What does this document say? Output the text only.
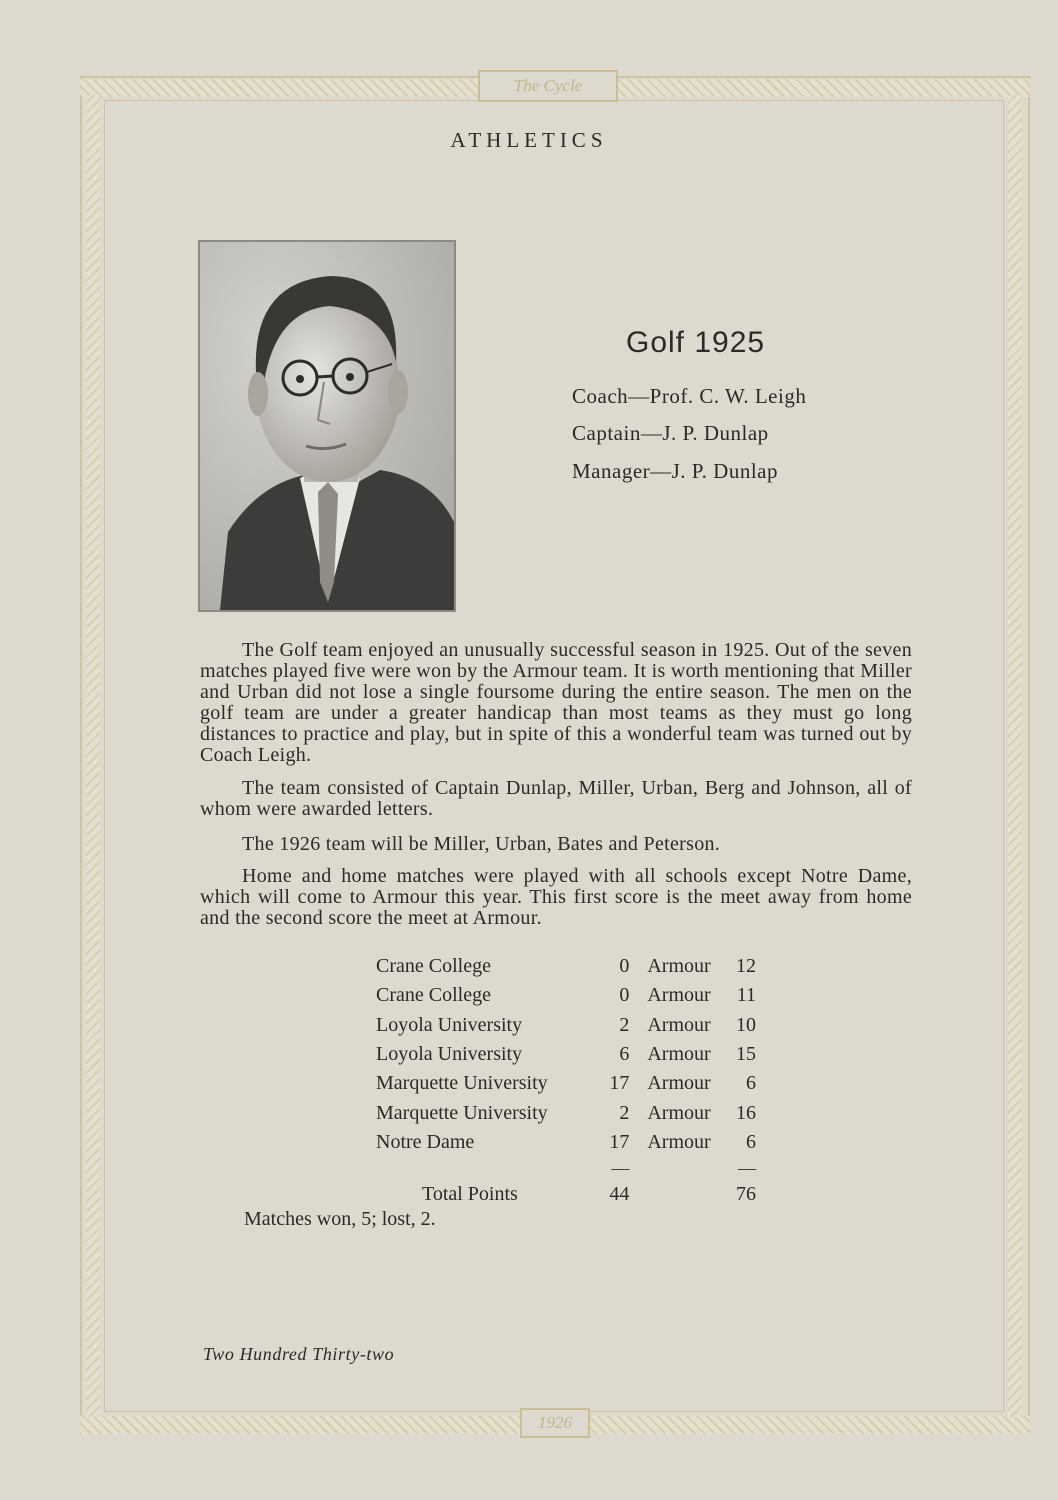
The Cycle
1926
ATHLETICS
Golf 1925
Coach—Prof. C. W. Leigh
Captain—J. P. Dunlap
Manager—J. P. Dunlap

The Golf team enjoyed an unusually successful season in 1925. Out of the seven matches played five were won by the Armour team. It is worth mentioning that Miller and Urban did not lose a single foursome during the entire season. The men on the golf team are under a greater handicap than most teams as they must go long distances to practice and play, but in spite of this a wonderful team was turned out by Coach Leigh.

The team consisted of Captain Dunlap, Miller, Urban, Berg and Johnson, all of whom were awarded letters.

The 1926 team will be Miller, Urban, Bates and Peterson.

Home and home matches were played with all schools except Notre Dame, which will come to Armour this year. This first score is the meet away from home and the second score the meet at Armour.

Crane College	0	Armour	12
Crane College	0	Armour	11
Loyola University	2	Armour	10
Loyola University	6	Armour	15
Marquette University	17	Armour	6
Marquette University	2	Armour	16
Notre Dame	17	Armour	6
	—		—
Total Points	44		76
Matches won, 5; lost, 2.
Two Hundred Thirty-two
